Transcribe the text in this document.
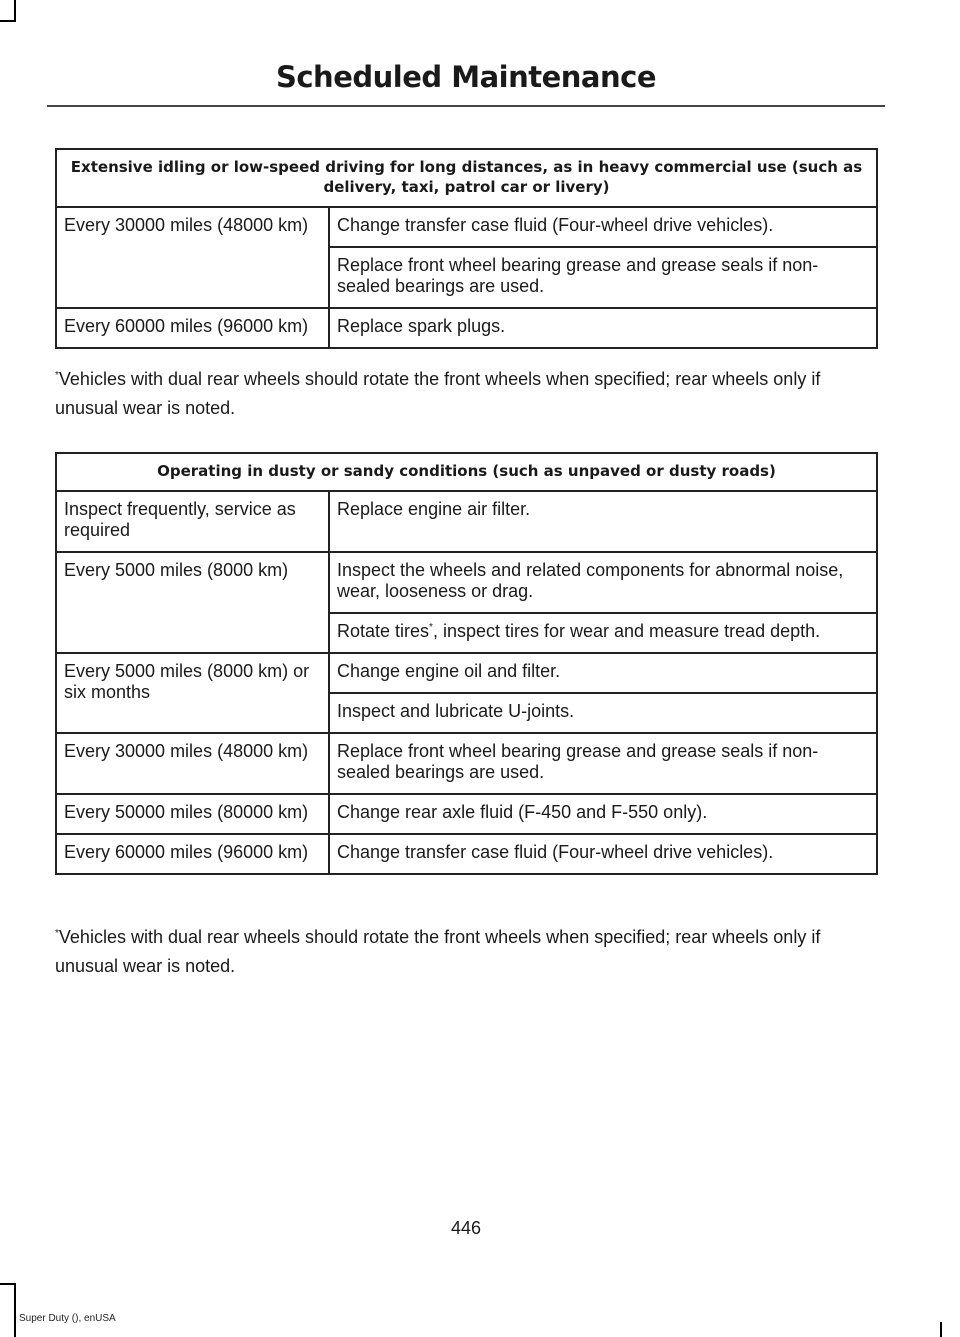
Scheduled Maintenance
Extensive idling or low-speed driving for long distances, as in heavy commercial use (such as delivery, taxi, patrol car or livery)	
Every 30000 miles (48000 km)	Change transfer case fluid (Four-wheel drive vehicles).
	Replace front wheel bearing grease and grease seals if non-sealed bearings are used.
Every 60000 miles (96000 km)	Replace spark plugs.
*Vehicles with dual rear wheels should rotate the front wheels when specified; rear wheels only if unusual wear is noted.
Operating in dusty or sandy conditions (such as unpaved or dusty roads)	
Inspect frequently, service as required	Replace engine air filter.
Every 5000 miles (8000 km)	Inspect the wheels and related components for abnormal noise, wear, looseness or drag.
	Rotate tires*, inspect tires for wear and measure tread depth.
Every 5000 miles (8000 km) or six months	Change engine oil and filter.
	Inspect and lubricate U-joints.
Every 30000 miles (48000 km)	Replace front wheel bearing grease and grease seals if non-sealed bearings are used.
Every 50000 miles (80000 km)	Change rear axle fluid (F-450 and F-550 only).
Every 60000 miles (96000 km)	Change transfer case fluid (Four-wheel drive vehicles).
*Vehicles with dual rear wheels should rotate the front wheels when specified; rear wheels only if unusual wear is noted.
446
Super Duty (), enUSA
